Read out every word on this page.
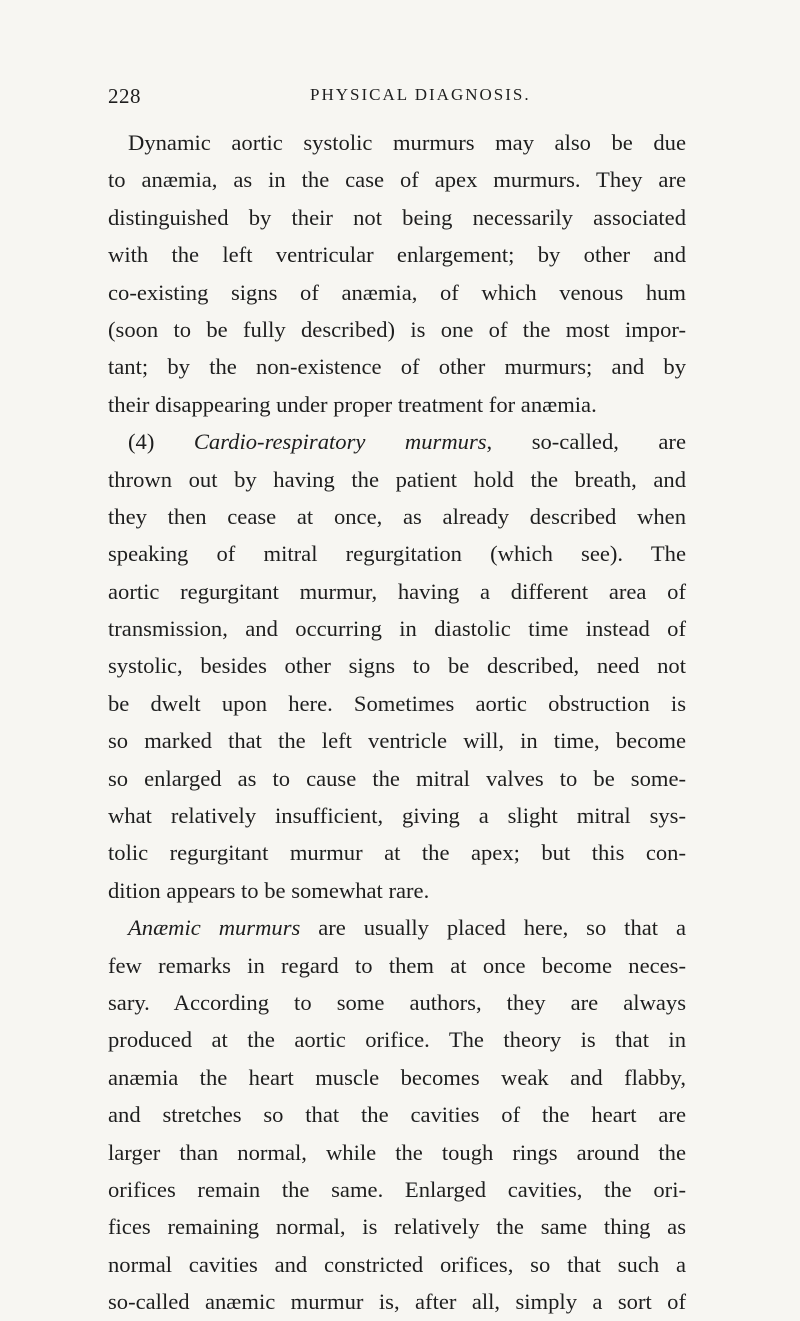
228	PHYSICAL DIAGNOSIS.
Dynamic aortic systolic murmurs may also be due
to anæmia, as in the case of apex murmurs. They are
distinguished by their not being necessarily associated
with the left ventricular enlargement; by other and
co-existing signs of anæmia, of which venous hum
(soon to be fully described) is one of the most impor-
tant; by the non-existence of other murmurs; and by
their disappearing under proper treatment for anæmia.
(4) Cardio-respiratory murmurs, so-called, are
thrown out by having the patient hold the breath, and
they then cease at once, as already described when
speaking of mitral regurgitation (which see). The
aortic regurgitant murmur, having a different area of
transmission, and occurring in diastolic time instead of
systolic, besides other signs to be described, need not
be dwelt upon here. Sometimes aortic obstruction is
so marked that the left ventricle will, in time, become
so enlarged as to cause the mitral valves to be some-
what relatively insufficient, giving a slight mitral sys-
tolic regurgitant murmur at the apex; but this con-
dition appears to be somewhat rare.
Anæmic murmurs are usually placed here, so that a
few remarks in regard to them at once become neces-
sary. According to some authors, they are always
produced at the aortic orifice. The theory is that in
anæmia the heart muscle becomes weak and flabby,
and stretches so that the cavities of the heart are
larger than normal, while the tough rings around the
orifices remain the same. Enlarged cavities, the ori-
fices remaining normal, is relatively the same thing as
normal cavities and constricted orifices, so that such a
so-called anæmic murmur is, after all, simply a sort of
